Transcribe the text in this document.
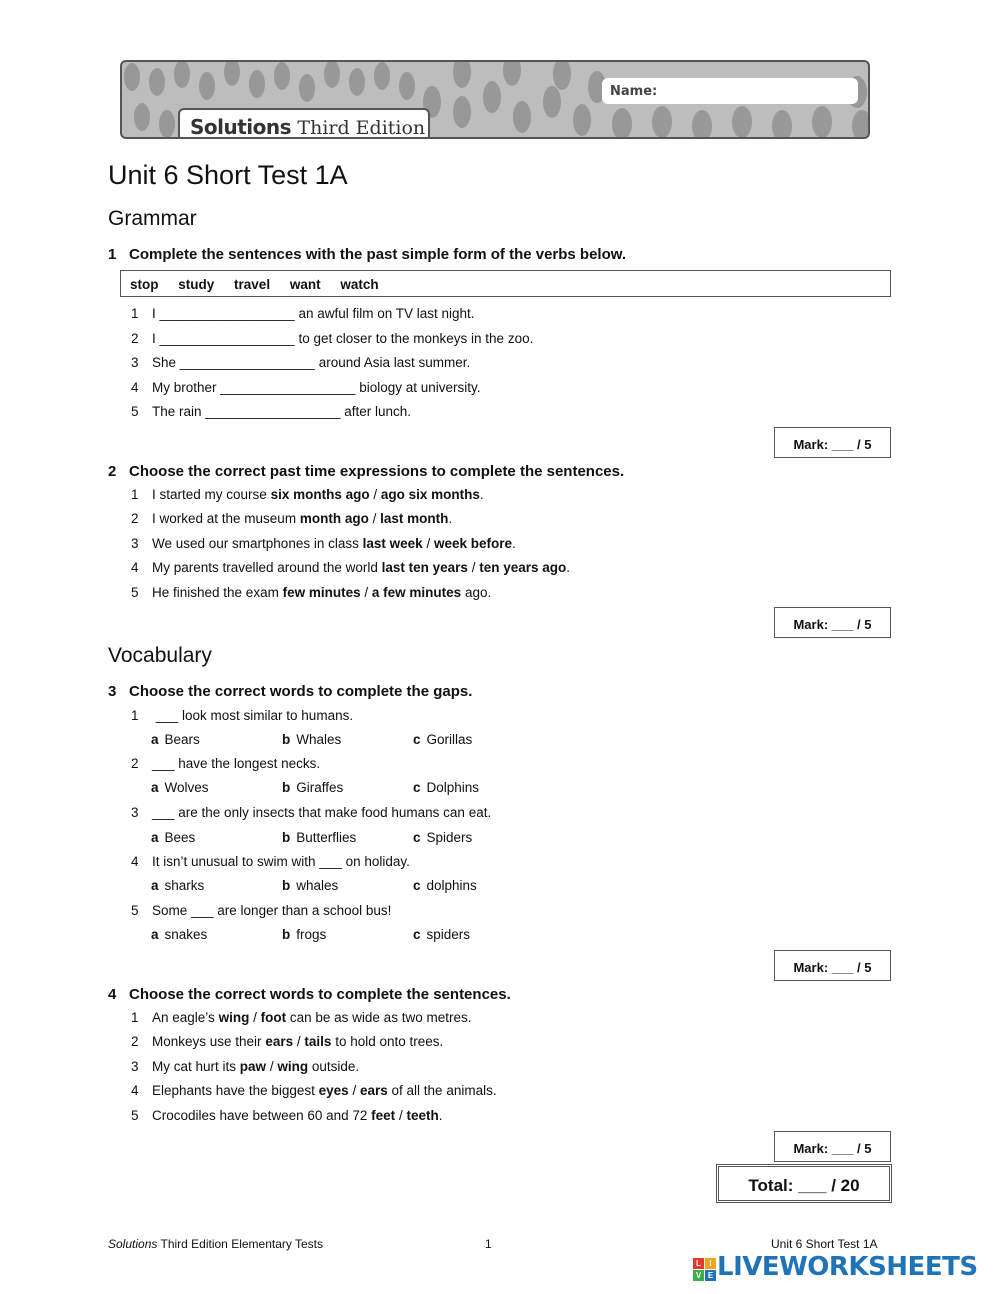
Name:
Solutions Third Edition
Unit 6 Short Test 1A
Grammar
1 Complete the sentences with the past simple form of the verbs below.
stop study travel want watch
1 I __________________ an awful film on TV last night.
2 I __________________ to get closer to the monkeys in the zoo.
3 She __________________ around Asia last summer.
4 My brother __________________ biology at university.
5 The rain __________________ after lunch.
Mark: ___ / 5
2 Choose the correct past time expressions to complete the sentences.
1 I started my course six months ago / ago six months.
2 I worked at the museum month ago / last month.
3 We used our smartphones in class last week / week before.
4 My parents travelled around the world last ten years / ten years ago.
5 He finished the exam few minutes / a few minutes ago.
Mark: ___ / 5
Vocabulary
3 Choose the correct words to complete the gaps.
1 ___ look most similar to humans.
a Bears	b Whales	c Gorillas
2 ___ have the longest necks.
a Wolves	b Giraffes	c Dolphins
3 ___ are the only insects that make food humans can eat.
a Bees	b Butterflies	c Spiders
4 It isn’t unusual to swim with ___ on holiday.
a sharks	b whales	c dolphins
5 Some ___ are longer than a school bus!
a snakes	b frogs	c spiders
Mark: ___ / 5
4 Choose the correct words to complete the sentences.
1 An eagle’s wing / foot can be as wide as two metres.
2 Monkeys use their ears / tails to hold onto trees.
3 My cat hurt its paw / wing outside.
4 Elephants have the biggest eyes / ears of all the animals.
5 Crocodiles have between 60 and 72 feet / teeth.
Mark: ___ / 5
Total: ___ / 20
Solutions Third Edition Elementary Tests	1	Unit 6 Short Test 1A
L	I
V E LIVEWORKSHEETS
